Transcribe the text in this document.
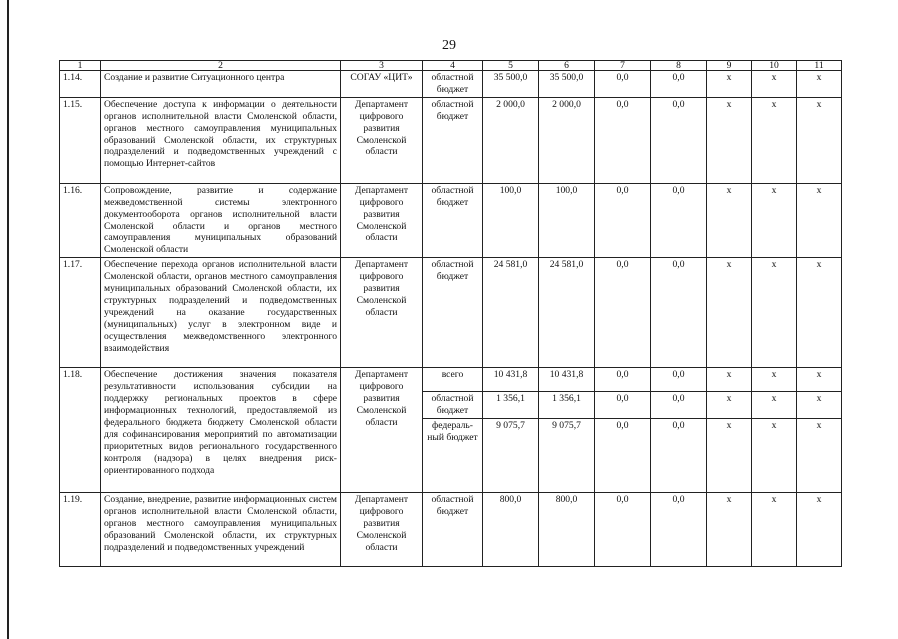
29
1	2	3	4	5	6	7	8	9	10	11
1.14.	Создание и развитие Ситуационного центра	СОГАУ «ЦИТ»	областной бюджет	35 500,0	35 500,0	0,0	0,0	x	x	x
1.15.	Обеспечение доступа к информации о деятельности органов исполнительной власти Смоленской области, органов местного самоуправления муниципальных образований Смоленской области, их структурных подразделений и подведомственных учреждений с помощью Интернет-сайтов	Департамент цифрового развития Смоленской области	областной бюджет	2 000,0	2 000,0	0,0	0,0	x	x	x
1.16.	Сопровождение, развитие и содержание межведомственной системы электронного документооборота органов исполнительной власти Смоленской области и органов местного самоуправления муниципальных образований Смоленской области	Департамент цифрового развития Смоленской области	областной бюджет	100,0	100,0	0,0	0,0	x	x	x
1.17.	Обеспечение перехода органов исполнительной власти Смоленской области, органов местного самоуправления муниципальных образований Смоленской области, их структурных подразделений и подведомственных учреждений на оказание государственных (муниципальных) услуг в электронном виде и осуществления межведомственного электронного взаимодействия	Департамент цифрового развития Смоленской области	областной бюджет	24 581,0	24 581,0	0,0	0,0	x	x	x
1.18.	Обеспечение достижения значения показателя результативности использования субсидии на поддержку региональных проектов в сфере информационных технологий, предоставляемой из федерального бюджета бюджету Смоленской области для софинансирования мероприятий по автоматизации приоритетных видов регионального государственного контроля (надзора) в целях внедрения риск-ориентированного подхода	Департамент цифрового развития Смоленской области	всего	10 431,8	10 431,8	0,0	0,0	x	x	x
			областной бюджет	1 356,1	1 356,1	0,0	0,0	x	x	x
			федераль-ный бюджет	9 075,7	9 075,7	0,0	0,0	x	x	x
1.19.	Создание, внедрение, развитие информационных систем органов исполнительной власти Смоленской области, органов местного самоуправления муниципальных образований Смоленской области, их структурных подразделений и подведомственных учреждений	Департамент цифрового развития Смоленской области	областной бюджет	800,0	800,0	0,0	0,0	x	x	x
